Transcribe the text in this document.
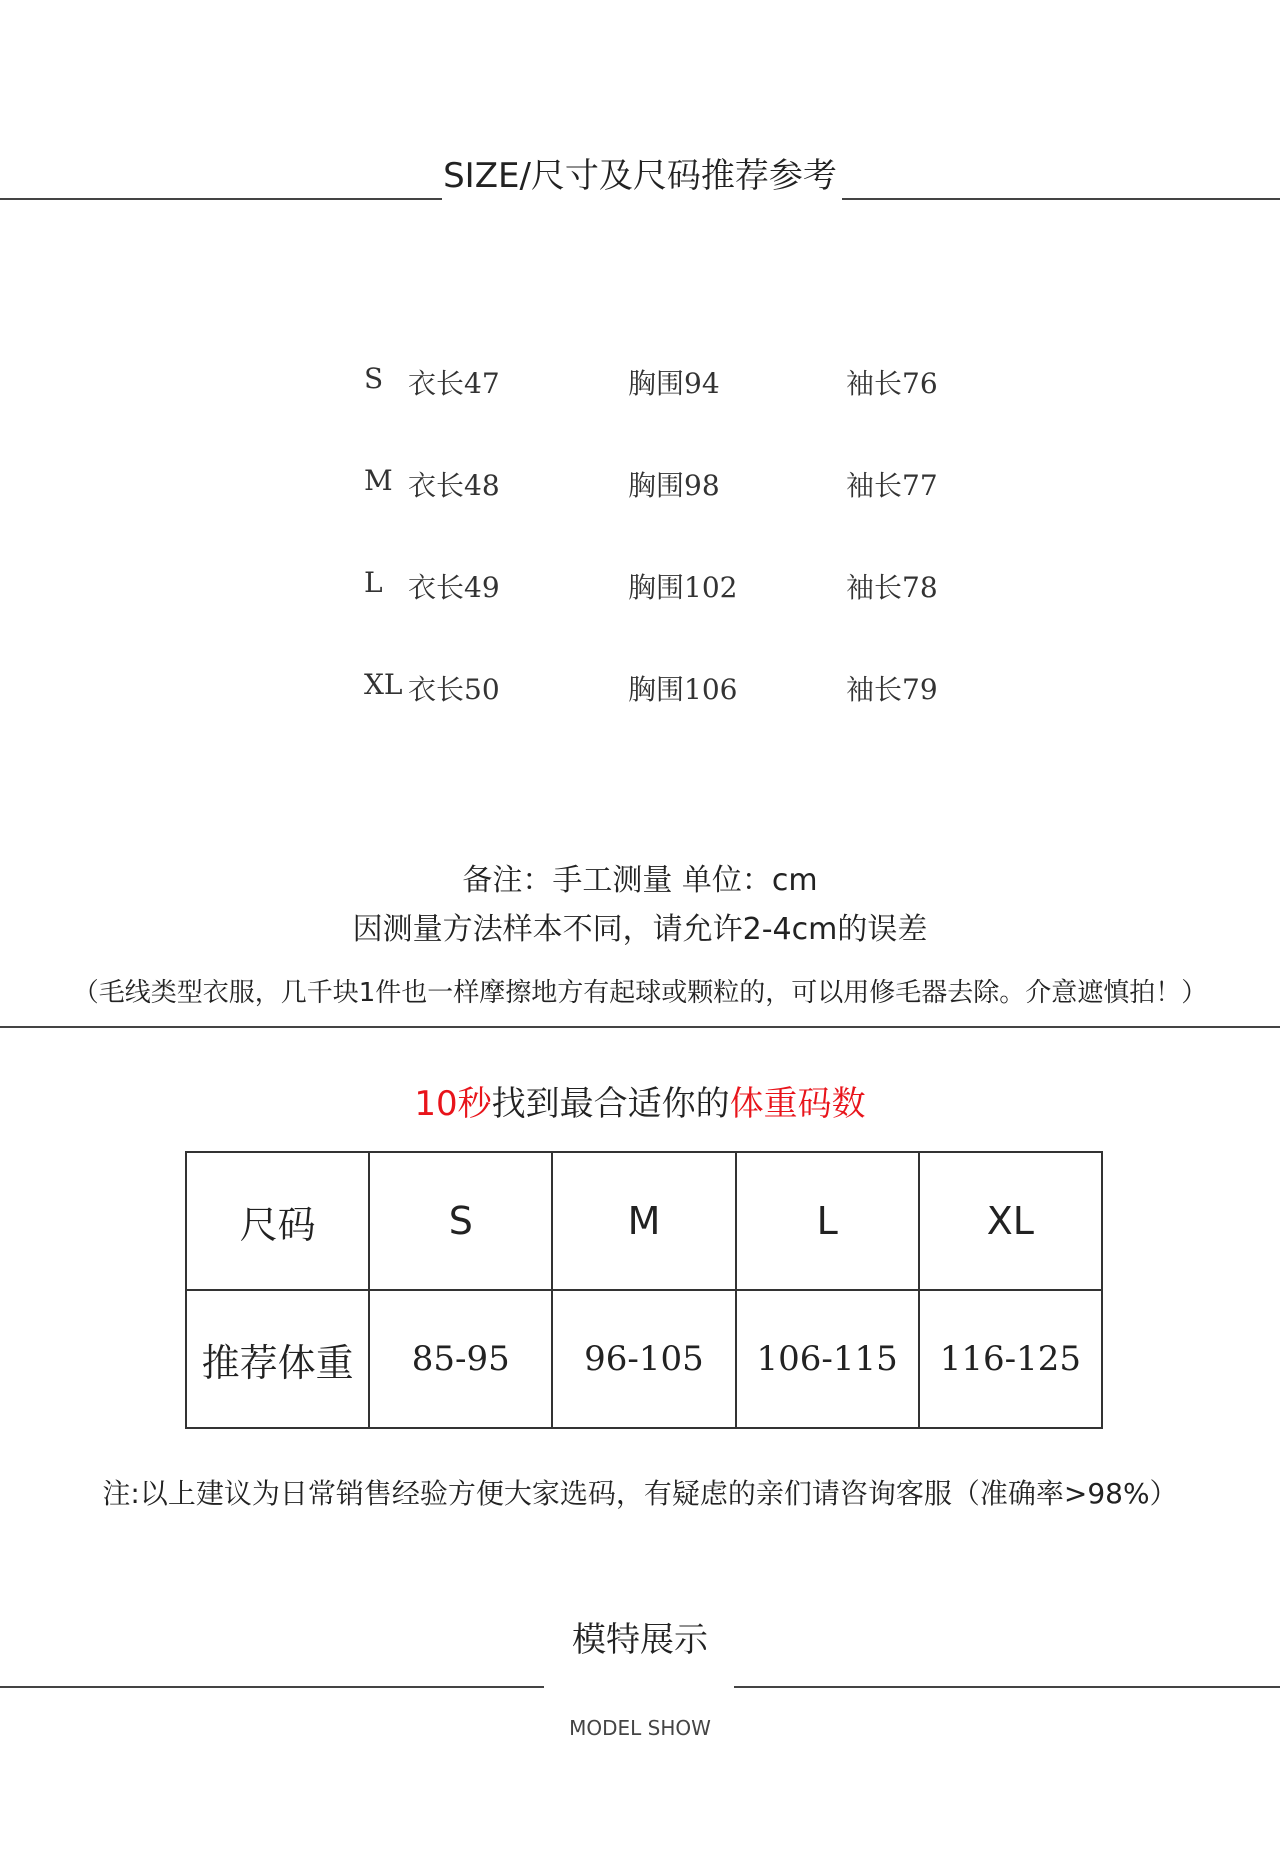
SIZE/尺寸及尺码推荐参考
S 衣长47	胸围94	袖长76
M 衣长48	胸围98	袖长77
L 衣长49	胸围102	袖长78
XL 衣长50	胸围106	袖长79
备注：手工测量 单位：cm
因测量方法样本不同，请允许2-4cm的误差
（毛线类型衣服，几千块1件也一样摩擦地方有起球或颗粒的，可以用修毛器去除。介意遮慎拍！）
10秒找到最合适你的体重码数
尺码	S	M	L	XL
推荐体重	85-95	96-105	106-115	116-125
注:以上建议为日常销售经验方便大家选码，有疑虑的亲们请咨询客服（准确率>98%）
模特展示
MODEL SHOW
